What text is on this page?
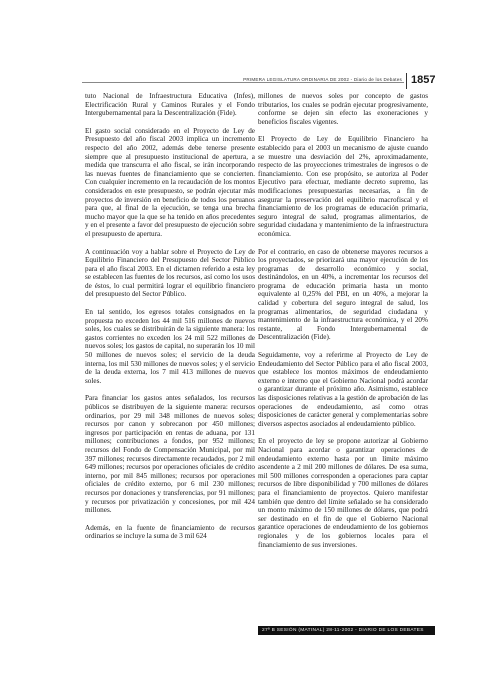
PRIMERA LEGISLATURA ORDINARIA DE 2002 - Diario de los Debates 1857

tuto Nacional de Infraestructura Educativa (Infes), Electrificación Rural y Caminos Rurales y el Fondo Intergubernamental para la Descentralización (Fide).

El gasto social considerado en el Proyecto de Ley de Presupuesto del año fiscal 2003 implica un incremento respecto del año 2002, además debe tenerse presente siempre que al presupuesto institucional de apertura, a medida que transcurra el año fiscal, se irán incorporando las nuevas fuentes de financiamiento que se concierten. Con cualquier incremento en la recaudación de los montos considerados en este presupuesto, se podrán ejecutar más proyectos de inversión en beneficio de todos los peruanos para que, al final de la ejecución, se tenga una brecha mucho mayor que la que se ha tenido en años precedentes y en el presente a favor del presupuesto de ejecución sobre el presupuesto de apertura.

A continuación voy a hablar sobre el Proyecto de Ley de Equilibrio Financiero del Presupuesto del Sector Público para el año fiscal 2003. En el dictamen referido a esta ley se establecen las fuentes de los recursos, así como los usos de éstos, lo cual permitirá lograr el equilibrio financiero del presupuesto del Sector Público.

En tal sentido, los egresos totales consignados en la propuesta no exceden los 44 mil 516 millones de nuevos soles, los cuales se distribuirán de la siguiente manera: los gastos corrientes no exceden los 24 mil 522 millones de nuevos soles; los gastos de capital, no superarán los 10 mil 50 millones de nuevos soles; el servicio de la deuda interna, los mil 530 millones de nuevos soles; y el servicio de la deuda externa, los 7 mil 413 millones de nuevos soles.

Para financiar los gastos antes señalados, los recursos públicos se distribuyen de la siguiente manera: recursos ordinarios, por 29 mil 348 millones de nuevos soles; recursos por canon y sobrecanon por 450 millones; ingresos por participación en rentas de aduana, por 131 millones; contribuciones a fondos, por 952 millones; recursos del Fondo de Compensación Municipal, por mil 397 millones; recursos directamente recaudados, por 2 mil 649 millones; recursos por operaciones oficiales de crédito interno, por mil 845 millones; recursos por operaciones oficiales de crédito externo, por 6 mil 230 millones; recursos por donaciones y transferencias, por 91 millones; y recursos por privatización y concesiones, por mil 424 millones.

Además, en la fuente de financiamiento de recursos ordinarios se incluye la suma de 3 mil 624

millones de nuevos soles por concepto de gastos tributarios, los cuales se podrán ejecutar progresivamente, conforme se dejen sin efecto las exoneraciones y beneficios fiscales vigentes.

El Proyecto de Ley de Equilibrio Financiero ha establecido para el 2003 un mecanismo de ajuste cuando se muestre una desviación del 2%, aproximadamente, respecto de las proyecciones trimestrales de ingresos o de financiamiento. Con ese propósito, se autoriza al Poder Ejecutivo para efectuar, mediante decreto supremo, las modificaciones presupuestarias necesarias, a fin de asegurar la preservación del equilibrio macrofiscal y el financiamiento de los programas de educación primaria, seguro integral de salud, programas alimentarios, de seguridad ciudadana y mantenimiento de la infraestructura económica.

Por el contrario, en caso de obtenerse mayores recursos a los proyectados, se priorizará una mayor ejecución de los programas de desarrollo económico y social, destinándolos, en un 40%, a incrementar los recursos del programa de educación primaria hasta un monto equivalente al 0,25% del PBI, en un 40%, a mejorar la calidad y cobertura del seguro integral de salud, los programas alimentarios, de seguridad ciudadana y mantenimiento de la infraestructura económica, y el 20% restante, al Fondo Intergubernamental de Descentralización (Fide).

Seguidamente, voy a referirme al Proyecto de Ley de Endeudamiento del Sector Público para el año fiscal 2003, que establece los montos máximos de endeudamiento externo e interno que el Gobierno Nacional podrá acordar o garantizar durante el próximo año. Asimismo, establece las disposiciones relativas a la gestión de aprobación de las operaciones de endeudamiento, así como otras disposiciones de carácter general y complementarias sobre diversos aspectos asociados al endeudamiento público.

En el proyecto de ley se propone autorizar al Gobierno Nacional para acordar o garantizar operaciones de endeudamiento externo hasta por un límite máximo ascendente a 2 mil 200 millones de dólares. De esa suma, mil 500 millones corresponden a operaciones para captar recursos de libre disponibilidad y 700 millones de dólares para el financiamiento de proyectos. Quiero manifestar también que dentro del límite señalado se ha considerado un monto máximo de 150 millones de dólares, que podrá ser destinado en el fin de que el Gobierno Nacional garantice operaciones de endeudamiento de los gobiernos regionales y de los gobiernos locales para el financiamiento de sus inversiones.

27ª B SESIÓN (MATINAL) 28-11-2002 - DIARIO DE LOS DEBATES
